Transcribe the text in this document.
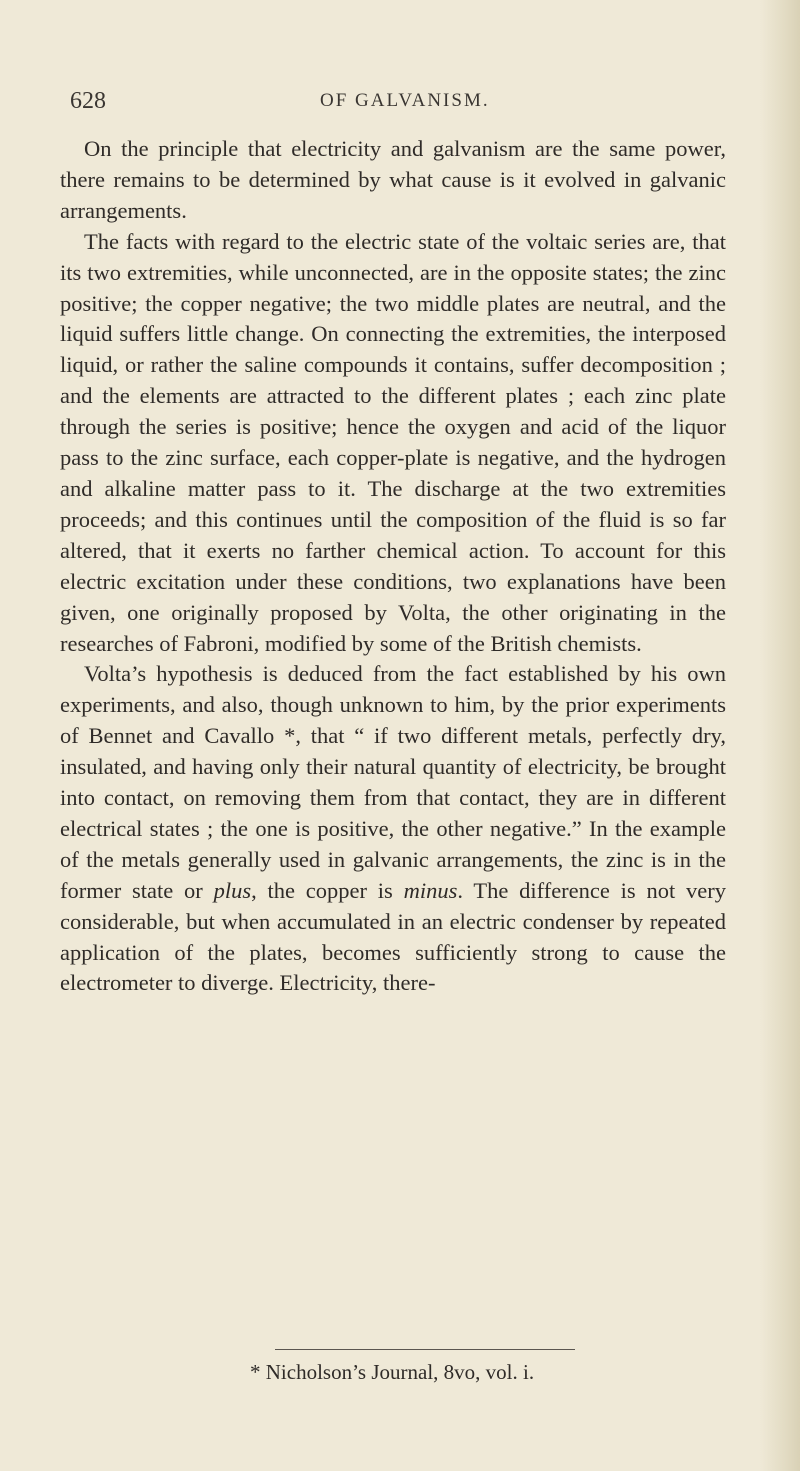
628	OF GALVANISM.

On the principle that electricity and galvanism are the same power, there remains to be determined by what cause is it evolved in galvanic arrangements.

The facts with regard to the electric state of the voltaic series are, that its two extremities, while unconnected, are in the opposite states; the zinc positive; the copper negative; the two middle plates are neutral, and the liquid suffers little change. On connecting the extremities, the interposed liquid, or rather the saline compounds it contains, suffer decomposition ; and the elements are attracted to the different plates ; each zinc plate through the series is positive; hence the oxygen and acid of the liquor pass to the zinc surface, each copper-plate is negative, and the hydrogen and alkaline matter pass to it. The discharge at the two extremities proceeds; and this continues until the composition of the fluid is so far altered, that it exerts no farther chemical action. To account for this electric excitation under these conditions, two explanations have been given, one originally proposed by Volta, the other originating in the researches of Fabroni, modified by some of the British chemists.

Volta’s hypothesis is deduced from the fact established by his own experiments, and also, though unknown to him, by the prior experiments of Bennet and Cavallo *, that “ if two different metals, perfectly dry, insulated, and having only their natural quantity of electricity, be brought into contact, on removing them from that contact, they are in different electrical states ; the one is positive, the other negative.” In the example of the metals generally used in galvanic arrangements, the zinc is in the former state or plus, the copper is minus. The difference is not very considerable, but when accumulated in an electric condenser by repeated application of the plates, becomes sufficiently strong to cause the electrometer to diverge. Electricity, there-

* Nicholson’s Journal, 8vo, vol. i.
